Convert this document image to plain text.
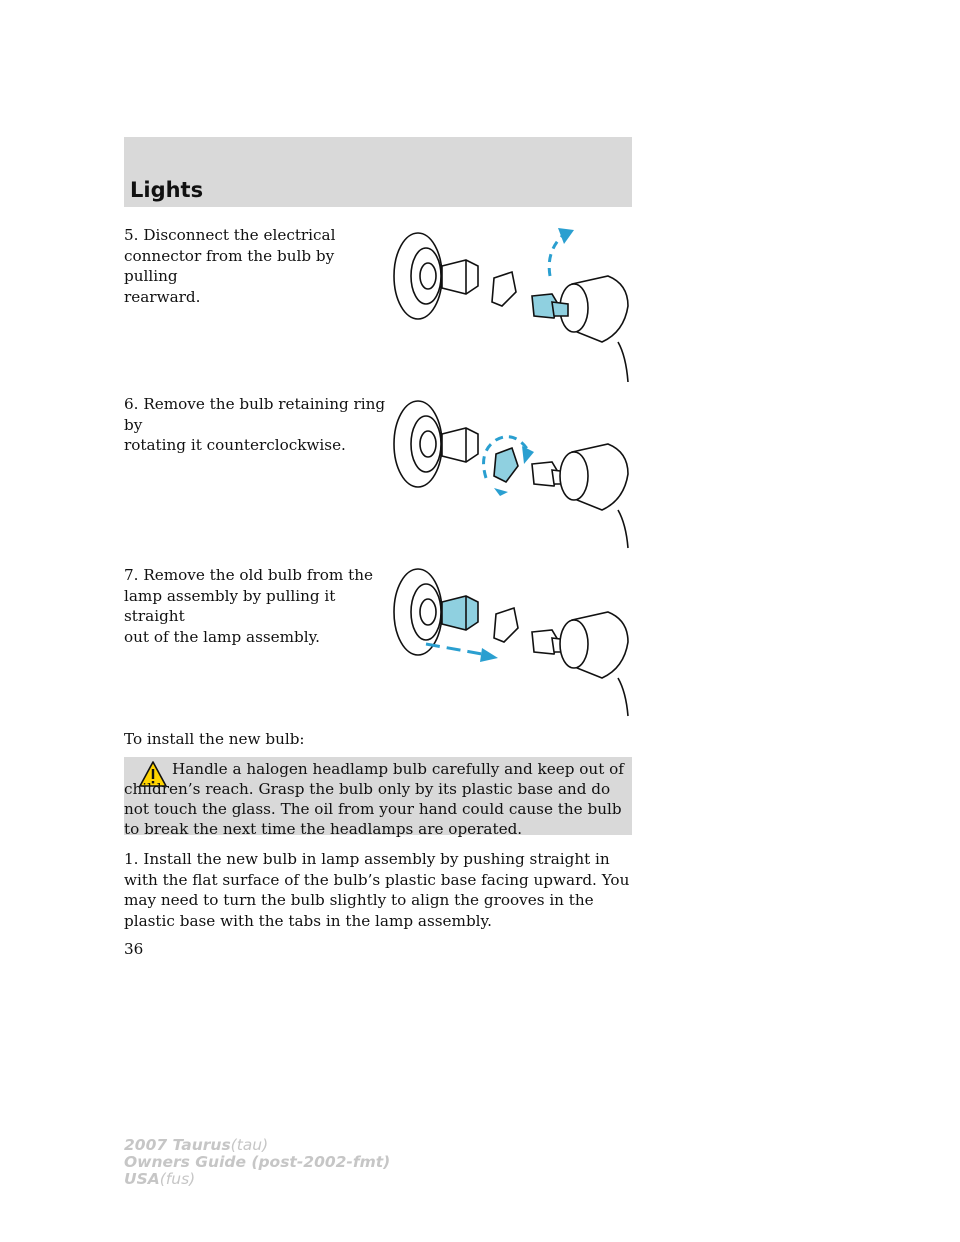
Lights

5. Disconnect the electrical
connector from the bulb by pulling
rearward.

6. Remove the bulb retaining ring by
rotating it counterclockwise.

7. Remove the old bulb from the
lamp assembly by pulling it straight
out of the lamp assembly.

To install the new bulb:

Handle a halogen headlamp bulb carefully and keep out of children’s reach. Grasp the bulb only by its plastic base and do not touch the glass. The oil from your hand could cause the bulb to break the next time the headlamps are operated.

1. Install the new bulb in lamp assembly by pushing straight in with the flat surface of the bulb’s plastic base facing upward. You may need to turn the bulb slightly to align the grooves in the plastic base with the tabs in the lamp assembly.

36
2007 Taurus(tau)
Owners Guide (post-2002-fmt)
USA(fus)
